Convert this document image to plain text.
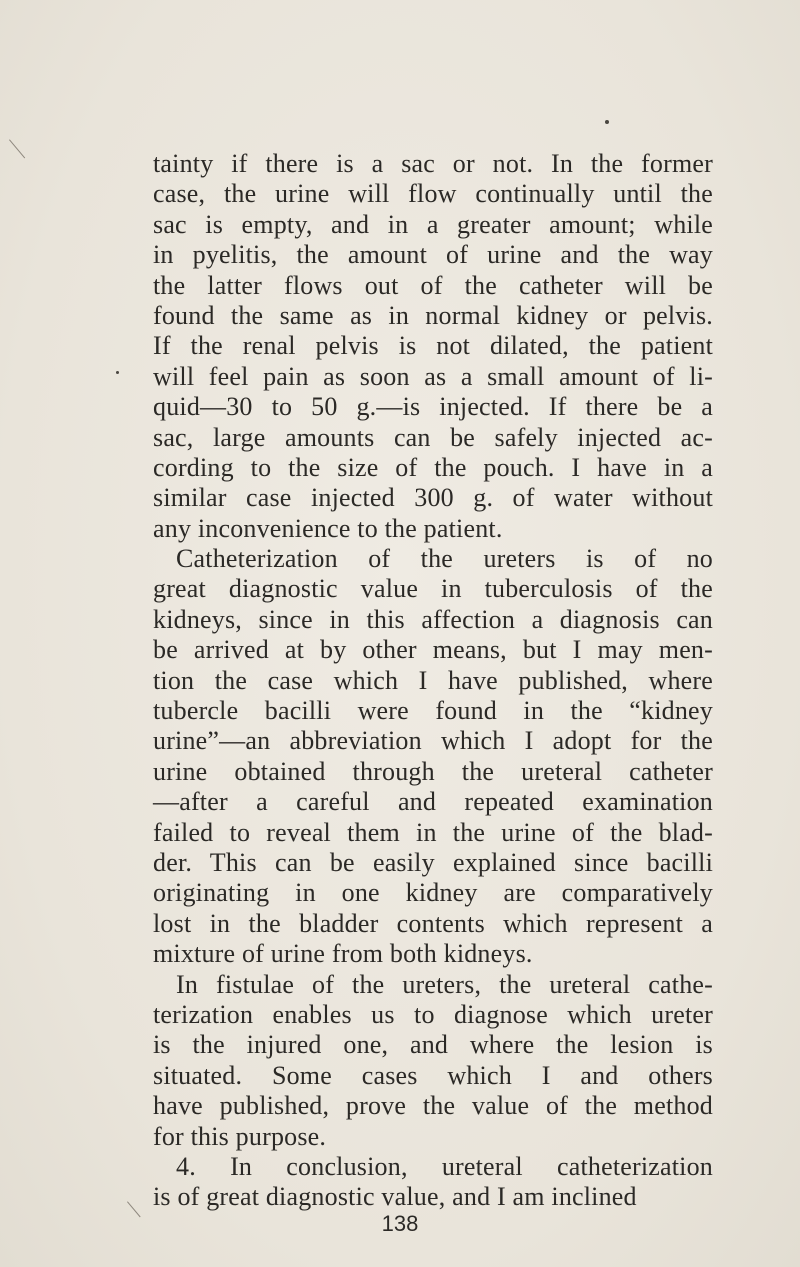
tainty if there is a sac or not. In the former
case, the urine will flow continually until the
sac is empty, and in a greater amount; while
in pyelitis, the amount of urine and the way
the latter flows out of the catheter will be
found the same as in normal kidney or pelvis.
If the renal pelvis is not dilated, the patient
will feel pain as soon as a small amount of li-
quid—30 to 50 g.—is injected. If there be a
sac, large amounts can be safely injected ac-
cording to the size of the pouch. I have in a
similar case injected 300 g. of water without
any inconvenience to the patient.
Catheterization of the ureters is of no
great diagnostic value in tuberculosis of the
kidneys, since in this affection a diagnosis can
be arrived at by other means, but I may men-
tion the case which I have published, where
tubercle bacilli were found in the “kidney
urine”—an abbreviation which I adopt for the
urine obtained through the ureteral catheter
—after a careful and repeated examination
failed to reveal them in the urine of the blad-
der. This can be easily explained since bacilli
originating in one kidney are comparatively
lost in the bladder contents which represent a
mixture of urine from both kidneys.
In fistulae of the ureters, the ureteral cathe-
terization enables us to diagnose which ureter
is the injured one, and where the lesion is
situated. Some cases which I and others
have published, prove the value of the method
for this purpose.
4. In conclusion, ureteral catheterization
is of great diagnostic value, and I am inclined
138
